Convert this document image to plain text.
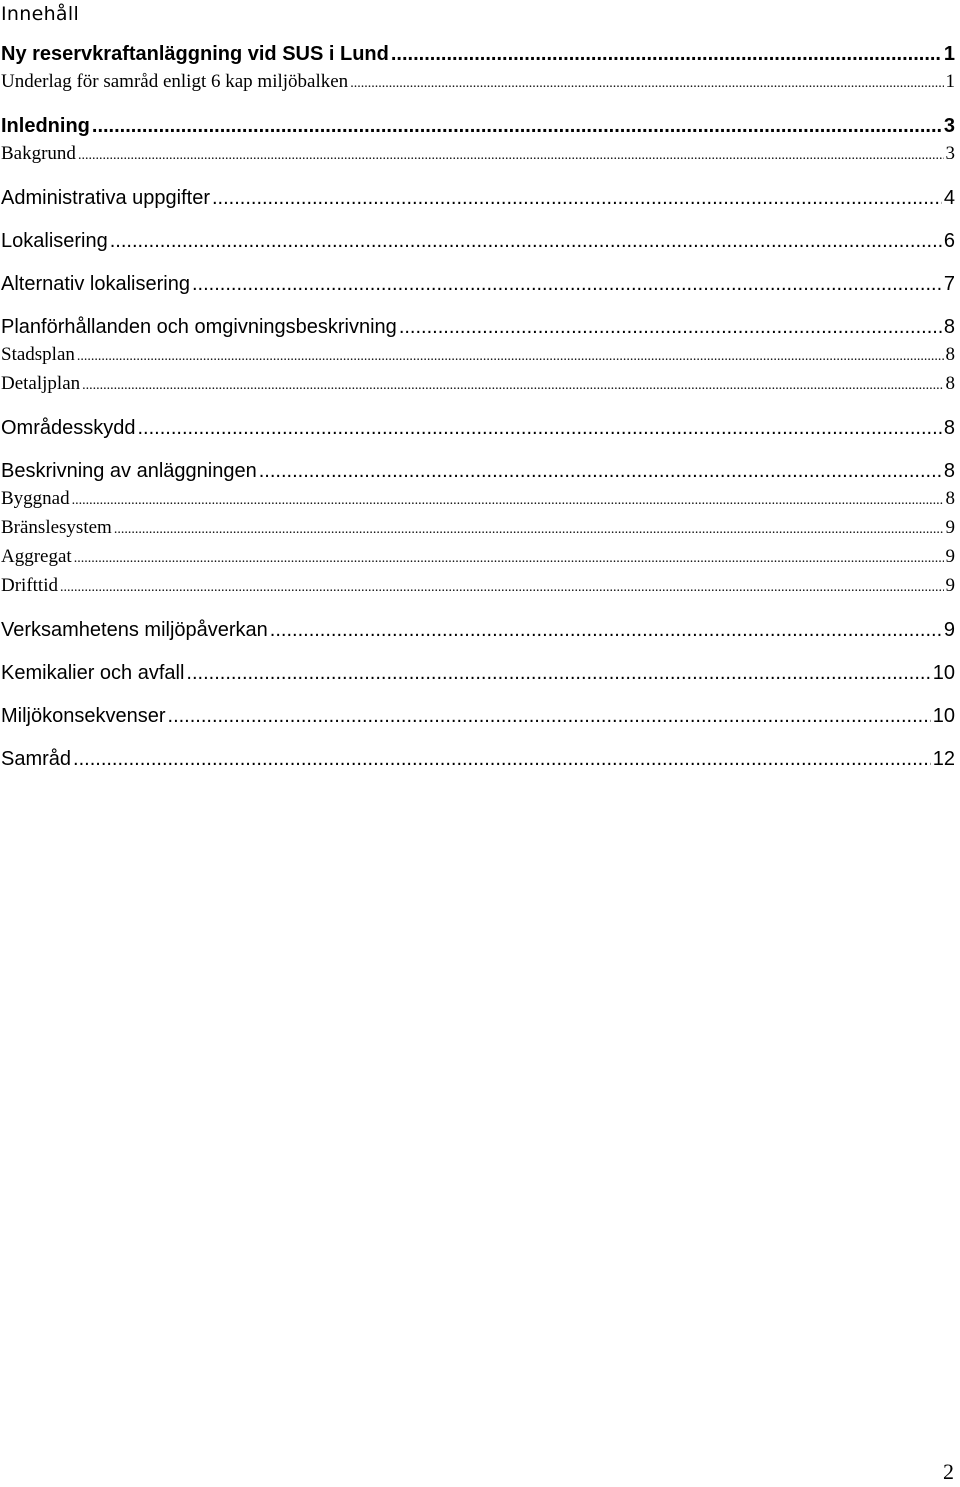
Innehåll
Ny reservkraftanläggning vid SUS i Lund .....	1
Underlag för samråd enligt 6 kap miljöbalken .....	1
Inledning .....	3
Bakgrund .....	3
Administrativa uppgifter .....	4
Lokalisering .....	6
Alternativ lokalisering .....	7
Planförhållanden och omgivningsbeskrivning .....	8
Stadsplan .....	8
Detaljplan .....	8
Områdesskydd .....	8
Beskrivning av anläggningen .....	8
Byggnad .....	8
Bränslesystem .....	9
Aggregat .....	9
Drifttid .....	9
Verksamhetens miljöpåverkan .....	9
Kemikalier och avfall .....	10
Miljökonsekvenser .....	10
Samråd .....	12
2
